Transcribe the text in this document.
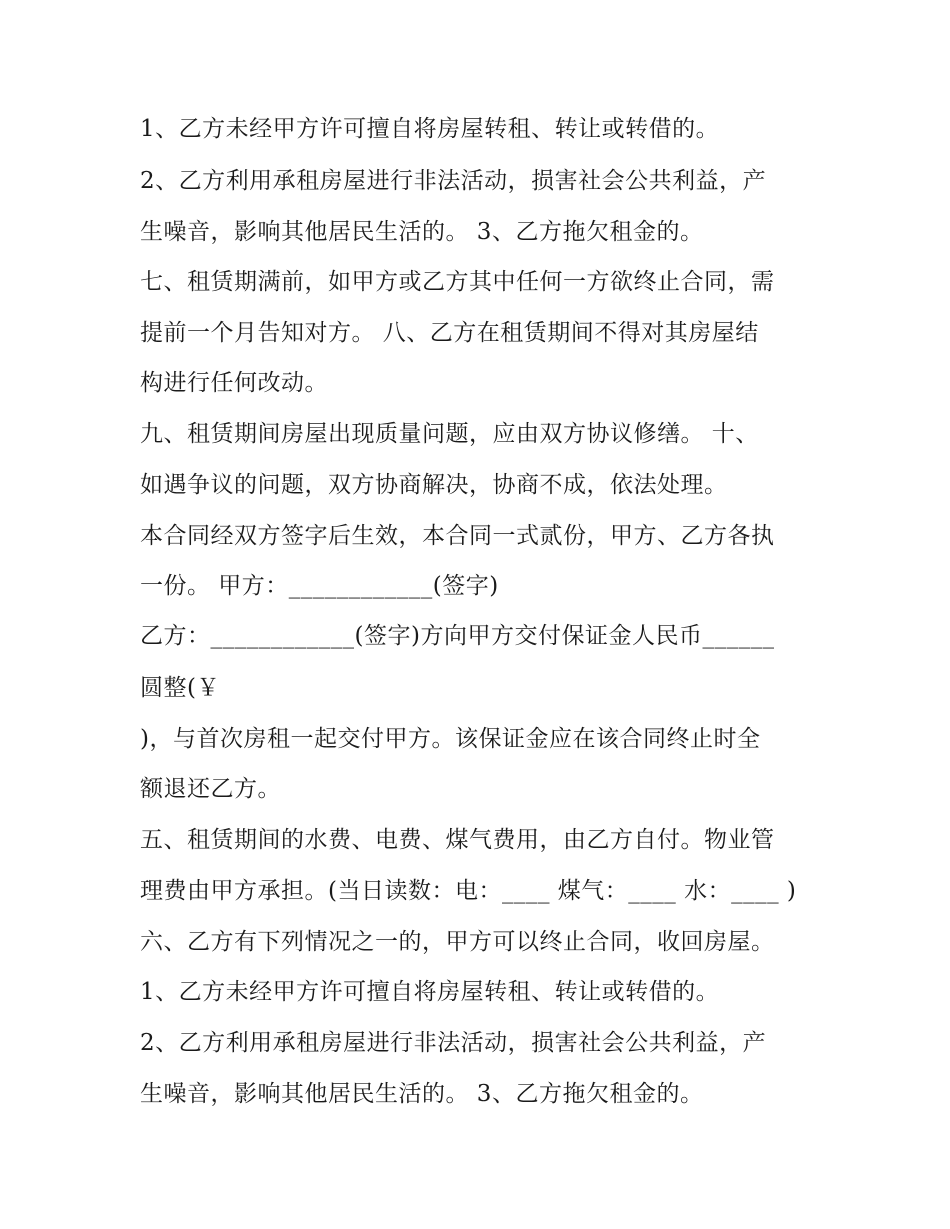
1、乙方未经甲方许可擅自将房屋转租、转让或转借的。

2、乙方利用承租房屋进行非法活动，损害社会公共利益，产

生噪音，影响其他居民生活的。 3、乙方拖欠租金的。

七、租赁期满前，如甲方或乙方其中任何一方欲终止合同，需

提前一个月告知对方。 八、乙方在租赁期间不得对其房屋结

构进行任何改动。

九、租赁期间房屋出现质量问题，应由双方协议修缮。 十、

如遇争议的问题，双方协商解决，协商不成，依法处理。

本合同经双方签字后生效，本合同一式贰份，甲方、乙方各执

一份。 甲方：____________(签字)

乙方：____________(签字)方向甲方交付保证金人民币______

圆整(￥

)，与首次房租一起交付甲方。该保证金应在该合同终止时全

额退还乙方。

五、租赁期间的水费、电费、煤气费用，由乙方自付。物业管

理费由甲方承担。(当日读数：电：____ 煤气：____ 水：____ )

六、乙方有下列情况之一的，甲方可以终止合同，收回房屋。

1、乙方未经甲方许可擅自将房屋转租、转让或转借的。

2、乙方利用承租房屋进行非法活动，损害社会公共利益，产

生噪音，影响其他居民生活的。 3、乙方拖欠租金的。
